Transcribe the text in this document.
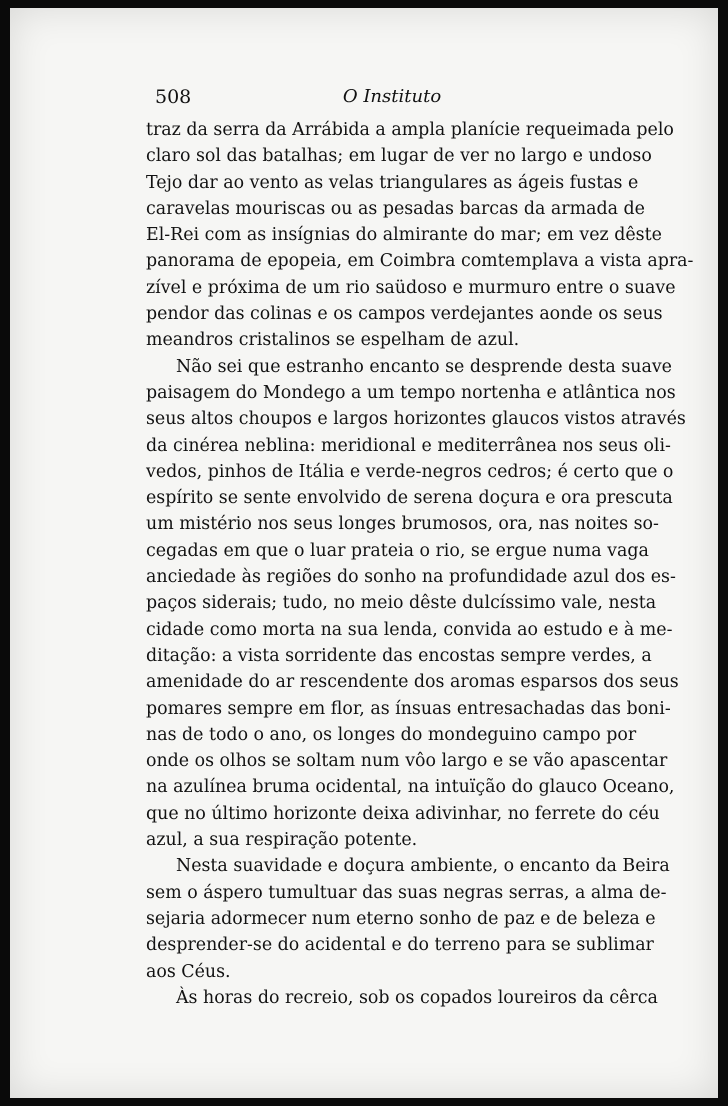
508	O Instituto
traz da serra da Arrábida a ampla planície requeimada pelo
claro sol das batalhas; em lugar de ver no largo e undoso
Tejo dar ao vento as velas triangulares as ágeis fustas e
caravelas mouriscas ou as pesadas barcas da armada de
El-Rei com as insígnias do almirante do mar; em vez dêste
panorama de epopeia, em Coimbra comtemplava a vista apra-
zível e próxima de um rio saüdoso e murmuro entre o suave
pendor das colinas e os campos verdejantes aonde os seus
meandros cristalinos se espelham de azul.
Não sei que estranho encanto se desprende desta suave
paisagem do Mondego a um tempo nortenha e atlântica nos
seus altos choupos e largos horizontes glaucos vistos através
da cinérea neblina: meridional e mediterrânea nos seus oli-
vedos, pinhos de Itália e verde-negros cedros; é certo que o
espírito se sente envolvido de serena doçura e ora prescuta
um mistério nos seus longes brumosos, ora, nas noites so-
cegadas em que o luar prateia o rio, se ergue numa vaga
anciedade às regiões do sonho na profundidade azul dos es-
paços siderais; tudo, no meio dêste dulcíssimo vale, nesta
cidade como morta na sua lenda, convida ao estudo e à me-
ditação: a vista sorridente das encostas sempre verdes, a
amenidade do ar rescendente dos aromas esparsos dos seus
pomares sempre em flor, as ínsuas entresachadas das boni-
nas de todo o ano, os longes do mondeguino campo por
onde os olhos se soltam num vôo largo e se vão apascentar
na azulínea bruma ocidental, na intuïção do glauco Oceano,
que no último horizonte deixa adivinhar, no ferrete do céu
azul, a sua respiração potente.
Nesta suavidade e doçura ambiente, o encanto da Beira
sem o áspero tumultuar das suas negras serras, a alma de-
sejaria adormecer num eterno sonho de paz e de beleza e
desprender-se do acidental e do terreno para se sublimar
aos Céus.
Às horas do recreio, sob os copados loureiros da cêrca
